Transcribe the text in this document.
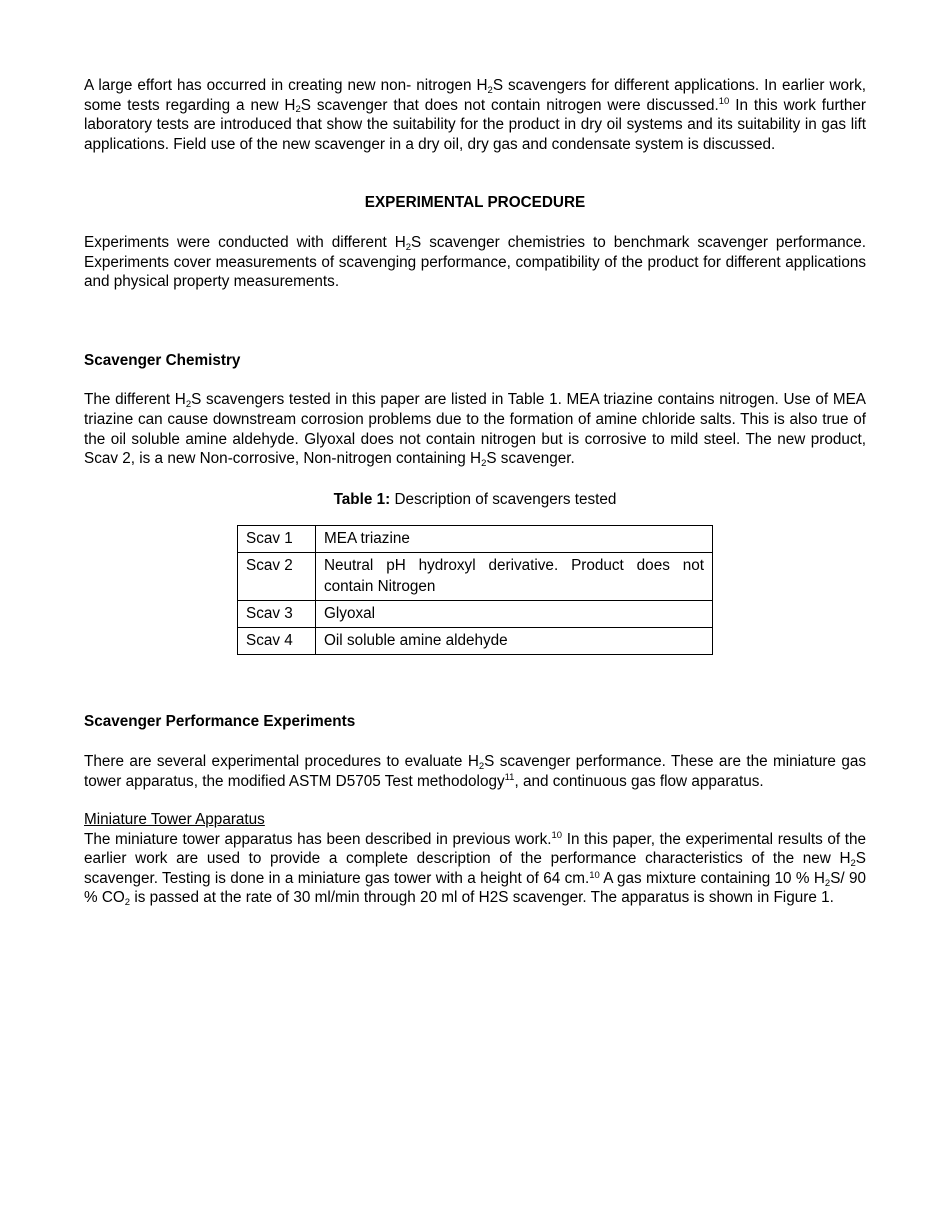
A large effort has occurred in creating new non- nitrogen $H_2S$ scavengers for different applications. In earlier work, some tests regarding a new $H_2S$ scavenger that does not contain nitrogen were discussed.$^{10}$ In this work further laboratory tests are introduced that show the suitability for the product in dry oil systems and its suitability in gas lift applications. Field use of the new scavenger in a dry oil, dry gas and condensate system is discussed.

EXPERIMENTAL PROCEDURE

Experiments were conducted with different $H_2S$ scavenger chemistries to benchmark scavenger performance. Experiments cover measurements of scavenging performance, compatibility of the product for different applications and physical property measurements.

Scavenger Chemistry

The different $H_2S$ scavengers tested in this paper are listed in Table 1. MEA triazine contains nitrogen. Use of MEA triazine can cause downstream corrosion problems due to the formation of amine chloride salts. This is also true of the oil soluble amine aldehyde. Glyoxal does not contain nitrogen but is corrosive to mild steel. The new product, Scav 2, is a new Non-corrosive, Non-nitrogen containing $H_2S$ scavenger.

Table 1: Description of scavengers tested

Scav 1	MEA triazine
Scav 2	Neutral pH hydroxyl derivative. Product does not contain Nitrogen
Scav 3	Glyoxal
Scav 4	Oil soluble amine aldehyde
Scavenger Performance Experiments

There are several experimental procedures to evaluate $H_2S$ scavenger performance. These are the miniature gas tower apparatus, the modified ASTM D5705 Test methodology$^{11}$, and continuous gas flow apparatus.

Miniature Tower Apparatus

The miniature tower apparatus has been described in previous work.$^{10}$ In this paper, the experimental results of the earlier work are used to provide a complete description of the performance characteristics of the new $H_2S$ scavenger. Testing is done in a miniature gas tower with a height of 64 cm.$^{10}$ A gas mixture containing 10 % $H_2S/$ 90 % $CO_2$ is passed at the rate of 30 ml/min through 20 ml of H2S scavenger. The apparatus is shown in Figure 1.
